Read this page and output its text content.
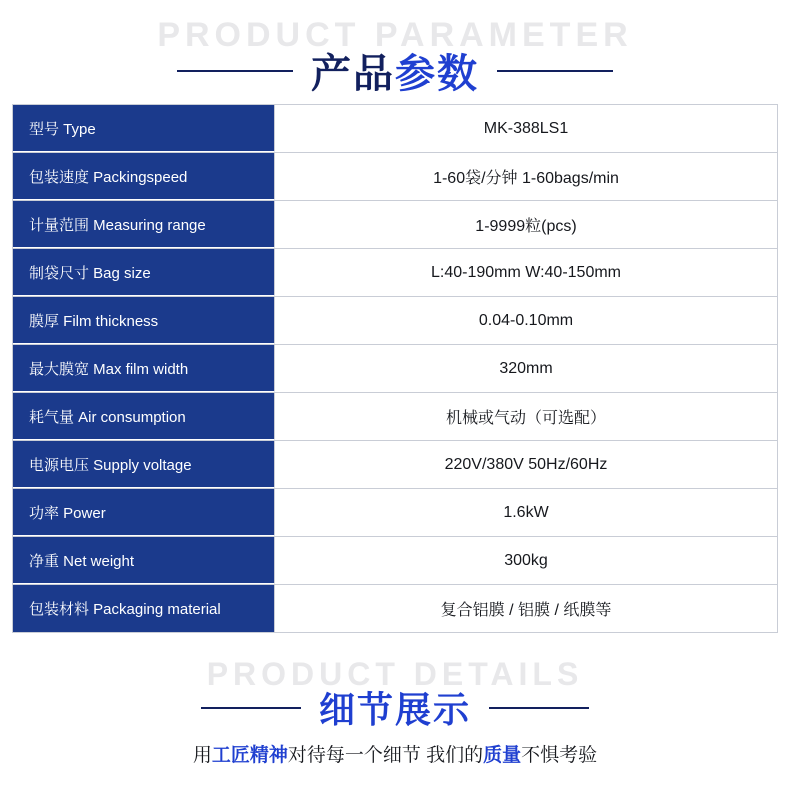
PRODUCT PARAMETER
产品参数
型号 Type	MK-388LS1
包装速度 Packingspeed	1-60袋/分钟 1-60bags/min
计量范围 Measuring range	1-9999粒(pcs)
制袋尺寸 Bag size	L:40-190mm W:40-150mm
膜厚 Film thickness	0.04-0.10mm
最大膜宽 Max film width	320mm
耗气量 Air consumption	机械或气动（可选配）
电源电压 Supply voltage	220V/380V 50Hz/60Hz
功率 Power	1.6kW
净重 Net weight	300kg
包装材料 Packaging material	复合铝膜 / 铝膜 / 纸膜等
PRODUCT DETAILS
细节展示
用工匠精神对待每一个细节 我们的质量不惧考验
